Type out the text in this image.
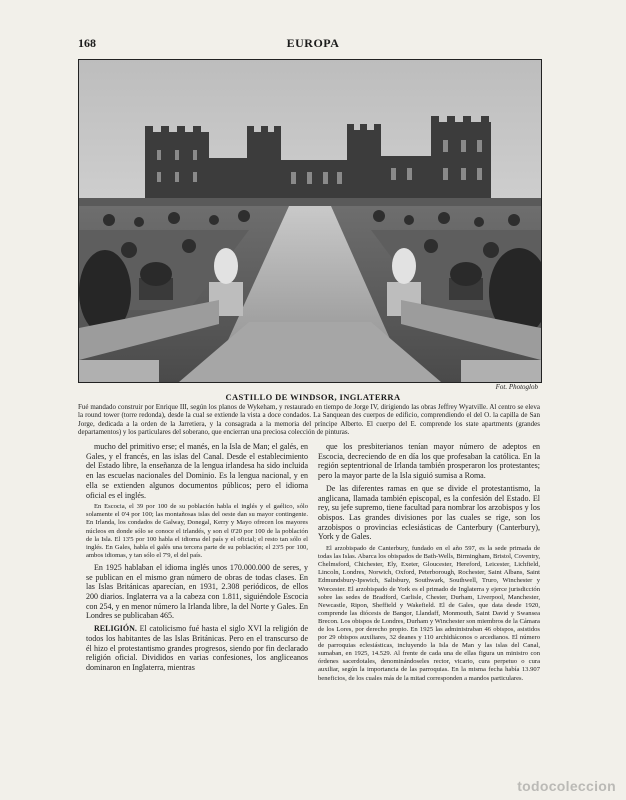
168	EUROPA
Fot. Photoglob
CASTILLO DE WINDSOR, INGLATERRA
Fué mandado construir por Enrique III, según los planos de Wykeham, y restaurado en tiempo de Jorge IV, dirigiendo las obras Jeffrey Wyatville. Al centro se eleva la round tower (torre redonda), desde la cual se extiende la vista a doce condados. La Sanquean des cuerpos de edificio, comprendiendo el del O. la capilla de San Jorge, dedicada a la orden de la Jarretiera, y la consagrada a la memoria del príncipe Alberto. El cuerpo del E. comprende los state apartments (grandes departamentos) y los particulares del soberano, que encierran una preciosa colección de pinturas.

mucho del primitivo erse; el manés, en la Isla de Man; el galés, en Gales, y el francés, en las islas del Canal. Desde el establecimiento del Estado libre, la enseñanza de la lengua irlandesa ha sido incluida en las escuelas nacionales del Dominio. Es la lengua nacional, y en ella se extienden algunos documentos públicos; pero el idioma oficial es el inglés.

En Escocia, el 39 por 100 de su población habla el inglés y el gaélico, sólo solamente el 0'4 por 100; las montañosas islas del oeste dan su mayor contingente. En Irlanda, los condados de Galway, Donegal, Kerry y Mayo ofrecen los mayores núcleos en donde sólo se conoce el irlandés, y son el 0'20 por 100 de la población de la Isla. El 13'5 por 100 habla el idioma del país y el oficial; el resto tan sólo el inglés. En Gales, habla el galés una tercera parte de su población; el 23'5 por 100, ambos idiomas, y tan sólo el 7'9, el del país.

En 1925 hablaban el idioma inglés unos 170.000.000 de seres, y se publican en el mismo gran número de obras de todas clases. En las Islas Británicas aparecían, en 1931, 2.308 periódicos, de ellos 200 diarios. Inglaterra va a la cabeza con 1.811, siguiéndole Escocia con 254, y en menor número la Irlanda libre, la del Norte y Gales. En Londres se publicaban 465.

RELIGIÓN. El catolicismo fué hasta el siglo XVI la religión de todos los habitantes de las Islas Británicas. Pero en el transcurso de él hizo el protestantismo grandes progresos, siendo por fin declarado religión oficial. Divididos en varias confesiones, los angliceanos dominaron en Inglaterra, mientras

que los presbiterianos tenían mayor número de adeptos en Escocia, decreciendo de en día los que profesaban la católica. En la región septentrional de Irlanda también prosperaron los protestantes; pero la mayor parte de la Isla siguió sumisa a Roma.

De las diferentes ramas en que se divide el protestantismo, la anglicana, llamada también episcopal, es la confesión del Estado. El rey, su jefe supremo, tiene facultad para nombrar los arzobispos y los obispos. Las grandes divisiones por las cuales se rige, son los arzobispos o provincias eclesiásticas de Canterbury (Canterbury), York y de Gales.

El arzobispado de Canterbury, fundado en el año 597, es la sede primada de todas las Islas. Abarca los obispados de Bath-Wells, Birmingham, Bristol, Coventry, Chelmsford, Chichester, Ely, Exeter, Gloucester, Hereford, Leicester, Lichfield, Lincoln, Londres, Norwich, Oxford, Peterborough, Rochester, Saint Albans, Saint Edmundsbury-Ipswich, Salisbury, Southwark, Southwell, Truro, Winchester y Worcester. El arzobispado de York es el primado de Inglaterra y ejerce jurisdicción sobre las sedes de Bradford, Carlisle, Chester, Durham, Liverpool, Manchester, Newcastle, Ripon, Sheffield y Wakefield. El de Gales, que data desde 1920, comprende las diócesis de Bangor, Llandaff, Monmouth, Saint David y Swansea Brecon. Los obispos de Londres, Durham y Winchester son miembros de la Cámara de los Lores, por derecho propio. En 1925 las administraban 46 obispos, asistidos por 29 obispos auxiliares, 32 deanes y 110 archidiáconos o arcedianos. El número de parroquias eclesiásticas, incluyendo la Isla de Man y las islas del Canal, sumaban, en 1925, 14.529. Al frente de cada una de ellas figura un ministro con órdenes sacerdotales, denominándoseles rector, vicario, cura perpetuo o cura auxiliar, según la importancia de las parroquias. En la misma fecha había 13.907 beneficios, de los cuales más de la mitad corresponden a mandos particulares.

todocoleccion
